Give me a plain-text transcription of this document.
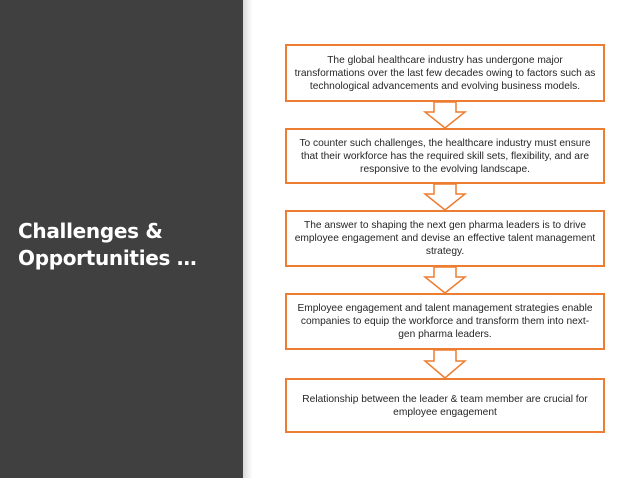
Challenges &
Opportunities …
The global healthcare industry has undergone major transformations over the last few decades owing to factors such as technological advancements and evolving business models.
To counter such challenges, the healthcare industry must ensure that their workforce has the required skill sets, flexibility, and are responsive to the evolving landscape.
The answer to shaping the next gen pharma leaders is to drive employee engagement and devise an effective talent management strategy.
Employee engagement and talent management strategies enable companies to equip the workforce and transform them into next-gen pharma leaders.
Relationship between the leader & team member are crucial for employee engagement
